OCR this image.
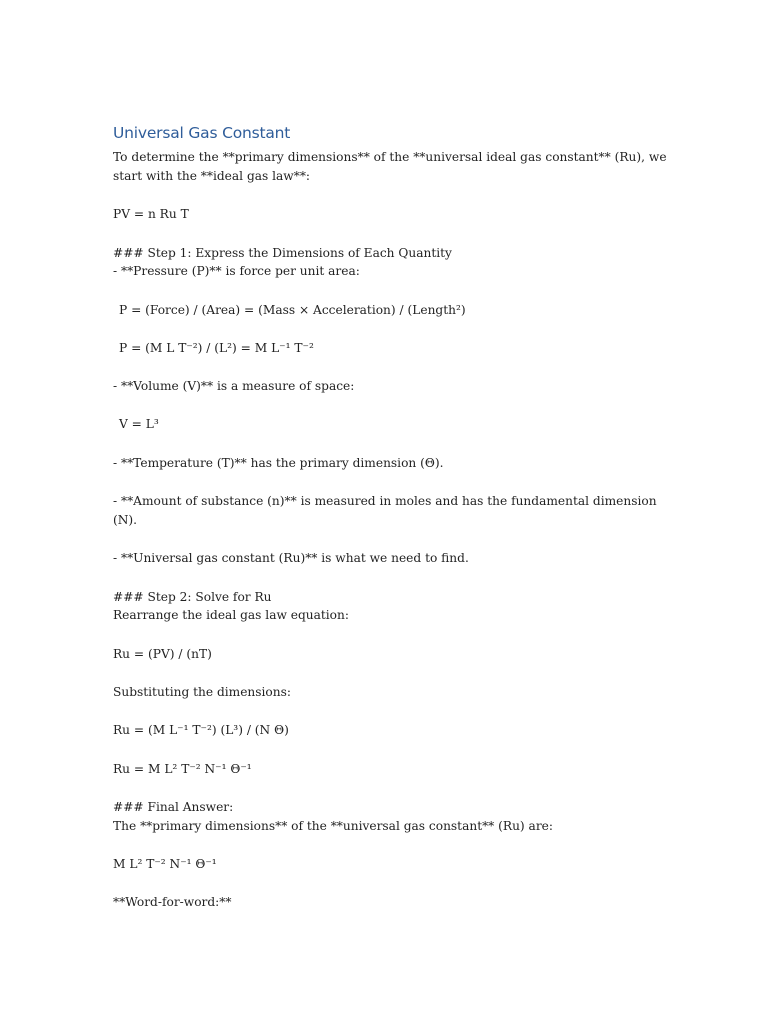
Universal Gas Constant

To determine the **primary dimensions** of the **universal ideal gas constant** (Ru), we

start with the **ideal gas law**:

PV = n Ru T

### Step 1: Express the Dimensions of Each Quantity

- **Pressure (P)** is force per unit area:

P = (Force) / (Area) = (Mass × Acceleration) / (Length²)

P = (M L T⁻²) / (L²) = M L⁻¹ T⁻²

- **Volume (V)** is a measure of space:

V = L³

- **Temperature (T)** has the primary dimension (Θ).

- **Amount of substance (n)** is measured in moles and has the fundamental dimension

(N).

- **Universal gas constant (Ru)** is what we need to find.

### Step 2: Solve for Ru

Rearrange the ideal gas law equation:

Ru = (PV) / (nT)

Substituting the dimensions:

Ru = (M L⁻¹ T⁻²) (L³) / (N Θ)

Ru = M L² T⁻² N⁻¹ Θ⁻¹

### Final Answer:

The **primary dimensions** of the **universal gas constant** (Ru) are:

M L² T⁻² N⁻¹ Θ⁻¹

**Word-for-word:**
